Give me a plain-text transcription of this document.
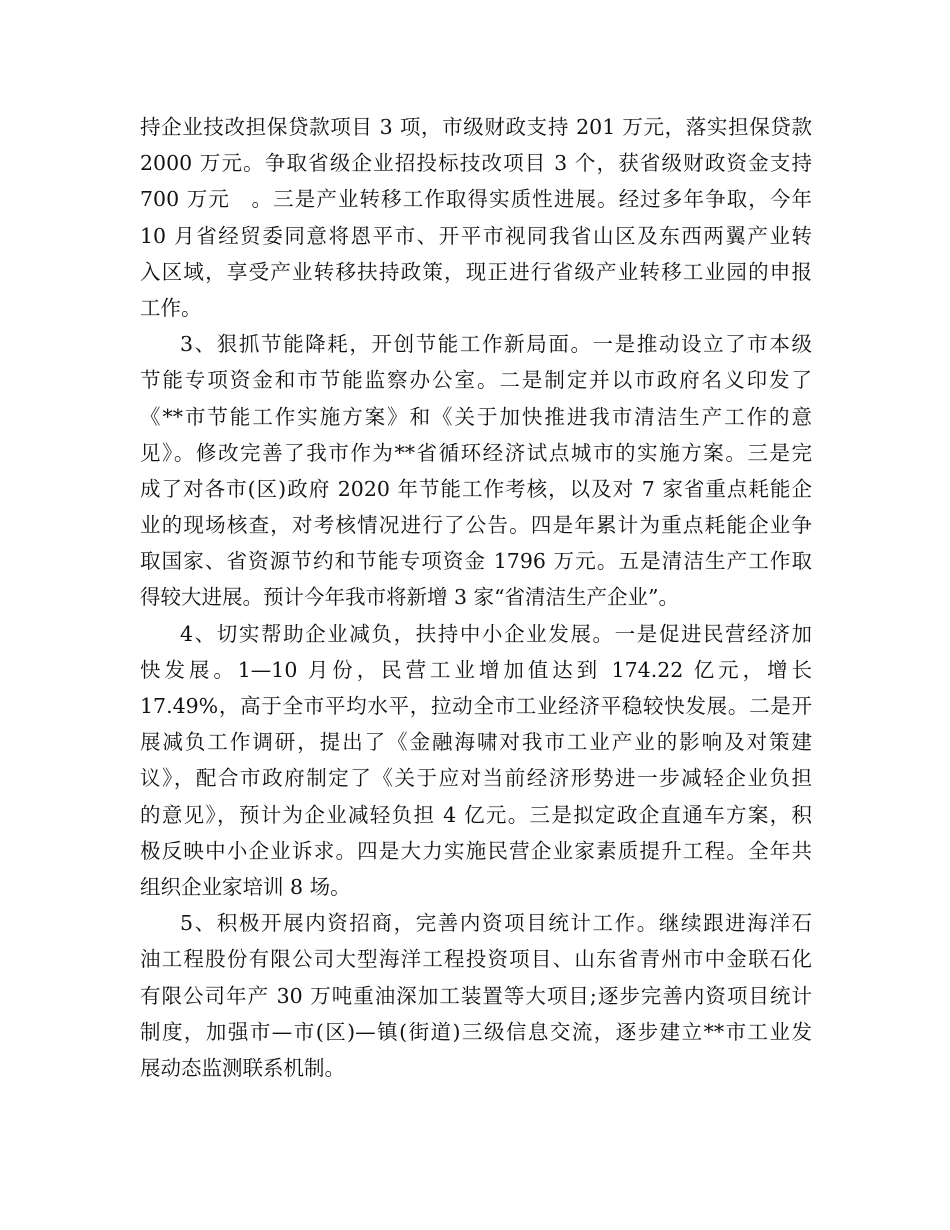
持企业技改担保贷款项目 3 项，市级财政支持 201 万元，落实担保贷款
2000 万元。争取省级企业招投标技改项目 3 个，获省级财政资金支持
700 万元　。三是产业转移工作取得实质性进展。经过多年争取，今年
10 月省经贸委同意将恩平市、开平市视同我省山区及东西两翼产业转
入区域，享受产业转移扶持政策，现正进行省级产业转移工业园的申报
工作。
3、狠抓节能降耗，开创节能工作新局面。一是推动设立了市本级
节能专项资金和市节能监察办公室。二是制定并以市政府名义印发了
《**市节能工作实施方案》和《关于加快推进我市清洁生产工作的意
见》。修改完善了我市作为**省循环经济试点城市的实施方案。三是完
成了对各市(区)政府 2020 年节能工作考核，以及对 7 家省重点耗能企
业的现场核查，对考核情况进行了公告。四是年累计为重点耗能企业争
取国家、省资源节约和节能专项资金 1796 万元。五是清洁生产工作取
得较大进展。预计今年我市将新增 3 家“省清洁生产企业”。
4、切实帮助企业减负，扶持中小企业发展。一是促进民营经济加
快发展。1—10 月份，民营工业增加值达到 174.22 亿元，增长
17.49%，高于全市平均水平，拉动全市工业经济平稳较快发展。二是开
展减负工作调研，提出了《金融海啸对我市工业产业的影响及对策建
议》，配合市政府制定了《关于应对当前经济形势进一步减轻企业负担
的意见》，预计为企业减轻负担 4 亿元。三是拟定政企直通车方案，积
极反映中小企业诉求。四是大力实施民营企业家素质提升工程。全年共
组织企业家培训 8 场。
5、积极开展内资招商，完善内资项目统计工作。继续跟进海洋石
油工程股份有限公司大型海洋工程投资项目、山东省青州市中金联石化
有限公司年产 30 万吨重油深加工装置等大项目;逐步完善内资项目统计
制度，加强市—市(区)—镇(街道)三级信息交流，逐步建立**市工业发
展动态监测联系机制。
